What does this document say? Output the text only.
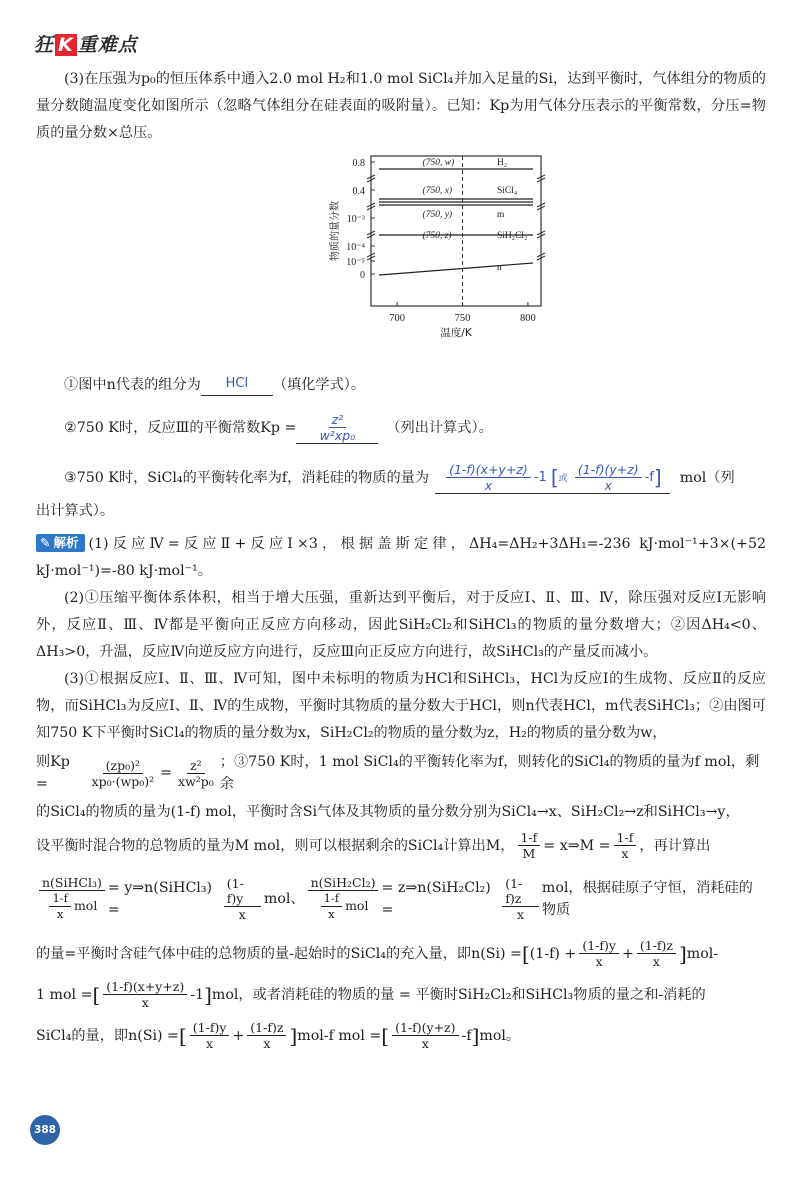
狂 K 重难点

(3)在压强为p₀的恒压体系中通入2.0 mol H₂和1.0 mol SiCl₄并加入足量的Si，达到平衡时，气体组分的物质的量分数随温度变化如图所示（忽略气体组分在硅表面的吸附量）。已知：Kp为用气体分压表示的平衡常数，分压=物质的量分数×总压。

0.8
0.4
10⁻³
10⁻⁴
10⁻⁵
0
700	750	800
(750, w)	H₂
(750, x)	SiCl₄
(750, y)	m
(750, z)	SiH₂Cl₂
n
温度/K
物质的量分数
①图中n代表的组分为	HCl	（填化学式）。
②750 K时，反应Ⅲ的平衡常数$Kp = \frac{\text{z²}}{\text{w²xp₀}}$ （列出计算式）。
③750 K时，SiCl₄的平衡转化率为f，消耗硅的物质的量为 $\frac{(1-f)(x+y+z)}{x} -1$ [或 $\frac{(1-f)(y+z)}{x} -f$]	mol（列

出计算式）。

✎ 解析 (1)反应Ⅳ=反应Ⅱ+反应Ⅰ×3，根据盖斯定律，ΔH₄=ΔH₂+3ΔH₁=-236 kJ·mol⁻¹+3×(+52 kJ·mol⁻¹)=-80 kJ·mol⁻¹。

(2)①压缩平衡体系体积，相当于增大压强，重新达到平衡后，对于反应Ⅰ、Ⅱ、Ⅲ、Ⅳ，除压强对反应Ⅰ无影响外，反应Ⅱ、Ⅲ、Ⅳ都是平衡向正反应方向移动，因此SiH₂Cl₂和SiHCl₃的物质的量分数增大；②因ΔH₄<0、ΔH₃>0，升温，反应Ⅳ向逆反应方向进行，反应Ⅲ向正反应方向进行，故SiHCl₃的产量反而减小。

(3)①根据反应Ⅰ、Ⅱ、Ⅲ、Ⅳ可知，图中未标明的物质为HCl和SiHCl₃，HCl为反应Ⅰ的生成物、反应Ⅱ的反应物，而SiHCl₃为反应Ⅰ、Ⅱ、Ⅳ的生成物，平衡时其物质的量分数大于HCl，则n代表HCl，m代表SiHCl₃；②由图可知750 K下平衡时SiCl₄的物质的量分数为x，SiH₂Cl₂的物质的量分数为z，H₂的物质的量分数为w，

则Kp =	$\frac{\text{(zp₀)²}}{\text{xp₀·(wp₀)²}} = \frac{\text{z²}}{\text{xw²p₀}}$ ；③750 K时，1 mol SiCl₄的平衡转化率为f，则转化的SiCl₄的物质的量为f mol，剩余

的SiCl₄的物质的量为(1-f) mol，平衡时含Si气体及其物质的量分数分别为SiCl₄→x、SiH₂Cl₂→z和SiHCl₃→y，

设平衡时混合物的总物质的量为M mol，则可以根据剩余的SiCl₄计算出M， $\frac{1-f}{M}$ = x⇒M = $\frac{1-f}{x}$ ，再计算出
$\frac{\text{n(SiHCl₃)}}{\frac{1-f}{x} mol}$ = y⇒n(SiHCl₃) =	$\frac{(1-f)y}{x}$ mol、 $\frac{\text{n(SiH₂Cl₂)}}{\frac{1-f}{x} mol}$ = z⇒n(SiH₂Cl₂) =	$\frac{(1-f)z}{x}$ mol，根据硅原子守恒，消耗硅的物质
的量=平衡时含硅气体中硅的总物质的量-起始时的SiCl₄的充入量，即n(Si) = [ $(1-f) + \frac{(1-f)y}{x} + \frac{(1-f)z}{x}$ ] mol-
1 mol = [ $\frac{(1-f)(x+y+z)}{x} -1$ ] mol，或者消耗硅的物质的量 = 平衡时SiH₂Cl₂和SiHCl₃物质的量之和-消耗的
SiCl₄的量，即n(Si) = [ $\frac{(1-f)y}{x} + \frac{(1-f)z}{x}$ ] mol-f mol = [ $\frac{(1-f)(y+z)}{x} -f$ ] mol。
388
